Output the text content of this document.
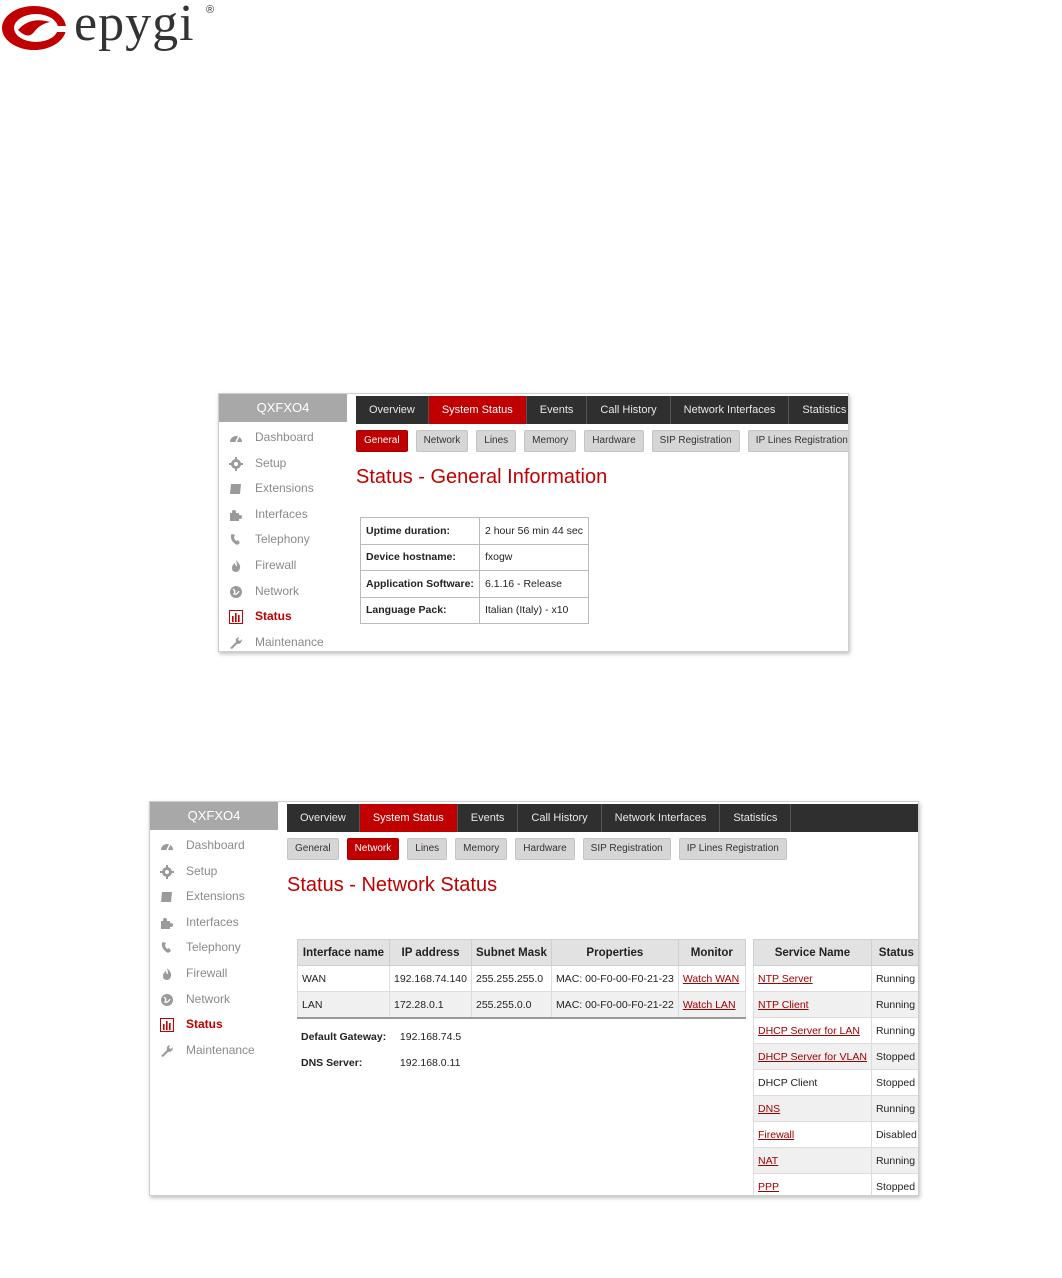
epygi ®
QXFXO4
Dashboard
Setup
Extensions
Interfaces
Telephony
Firewall
Network
Status
Maintenance
Overview	System Status	Events	Call History	Network Interfaces	Statistics
General	Network	Lines	Memory	Hardware	SIP Registration	IP Lines Registration
Status - General Information
Uptime duration:	2 hour 56 min 44 sec
Device hostname:	fxogw
Application Software:	6.1.16 - Release
Language Pack:	Italian (Italy) - x10
QXFXO4
Dashboard
Setup
Extensions
Interfaces
Telephony
Firewall
Network
Status
Maintenance
Overview	System Status	Events	Call History	Network Interfaces	Statistics
General	Network	Lines	Memory	Hardware	SIP Registration	IP Lines Registration
Status - Network Status
Interface name	IP address	Subnet Mask	Properties	Monitor
WAN	192.168.74.140	255.255.255.0	MAC: 00-F0-00-F0-21-23	Watch WAN
LAN	172.28.0.1	255.255.0.0	MAC: 00-F0-00-F0-21-22	Watch LAN
Default Gateway: 192.168.74.5
DNS Server:	192.168.0.11
Service Name	Status
NTP Server	Running
NTP Client	Running
DHCP Server for LAN	Running
DHCP Server for VLAN	Stopped
DHCP Client	Stopped
DNS	Running
Firewall	Disabled
NAT	Running
PPP	Stopped
